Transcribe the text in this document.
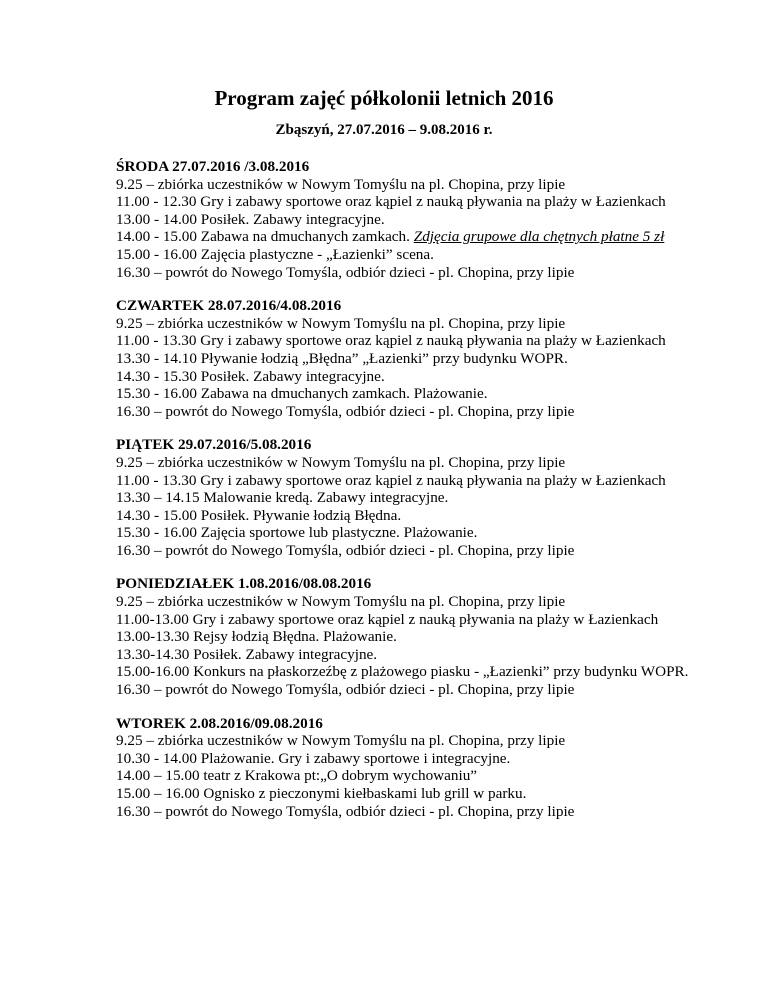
Program zajęć półkolonii letnich 2016

Zbąszyń, 27.07.2016 – 9.08.2016 r.

ŚRODA 27.07.2016 /3.08.2016

9.25 – zbiórka uczestników w Nowym Tomyślu na pl. Chopina, przy lipie

11.00 - 12.30 Gry i zabawy sportowe oraz kąpiel z nauką pływania na plaży w Łazienkach

13.00 - 14.00 Posiłek. Zabawy integracyjne.

14.00 - 15.00 Zabawa na dmuchanych zamkach. Zdjęcia grupowe dla chętnych płatne 5 zł

15.00 - 16.00 Zajęcia plastyczne - „Łazienki” scena.

16.30 – powrót do Nowego Tomyśla, odbiór dzieci - pl. Chopina, przy lipie

CZWARTEK 28.07.2016/4.08.2016

9.25 – zbiórka uczestników w Nowym Tomyślu na pl. Chopina, przy lipie

11.00 - 13.30 Gry i zabawy sportowe oraz kąpiel z nauką pływania na plaży w Łazienkach

13.30 - 14.10 Pływanie łodzią „Błędna” „Łazienki” przy budynku WOPR.

14.30 - 15.30 Posiłek. Zabawy integracyjne.

15.30 - 16.00 Zabawa na dmuchanych zamkach. Plażowanie.

16.30 – powrót do Nowego Tomyśla, odbiór dzieci - pl. Chopina, przy lipie

PIĄTEK 29.07.2016/5.08.2016

9.25 – zbiórka uczestników w Nowym Tomyślu na pl. Chopina, przy lipie

11.00 - 13.30 Gry i zabawy sportowe oraz kąpiel z nauką pływania na plaży w Łazienkach

13.30 – 14.15 Malowanie kredą. Zabawy integracyjne.

14.30 - 15.00 Posiłek. Pływanie łodzią Błędna.

15.30 - 16.00 Zajęcia sportowe lub plastyczne. Plażowanie.

16.30 – powrót do Nowego Tomyśla, odbiór dzieci - pl. Chopina, przy lipie

PONIEDZIAŁEK 1.08.2016/08.08.2016

9.25 – zbiórka uczestników w Nowym Tomyślu na pl. Chopina, przy lipie

11.00-13.00 Gry i zabawy sportowe oraz kąpiel z nauką pływania na plaży w Łazienkach

13.00-13.30 Rejsy łodzią Błędna. Plażowanie.

13.30-14.30 Posiłek. Zabawy integracyjne.

15.00-16.00 Konkurs na płaskorzeźbę z plażowego piasku - „Łazienki” przy budynku WOPR.

16.30 – powrót do Nowego Tomyśla, odbiór dzieci - pl. Chopina, przy lipie

WTOREK 2.08.2016/09.08.2016

9.25 – zbiórka uczestników w Nowym Tomyślu na pl. Chopina, przy lipie

10.30 - 14.00 Plażowanie. Gry i zabawy sportowe i integracyjne.

14.00 – 15.00 teatr z Krakowa pt:„O dobrym wychowaniu”

15.00 – 16.00 Ognisko z pieczonymi kiełbaskami lub grill w parku.

16.30 – powrót do Nowego Tomyśla, odbiór dzieci - pl. Chopina, przy lipie
